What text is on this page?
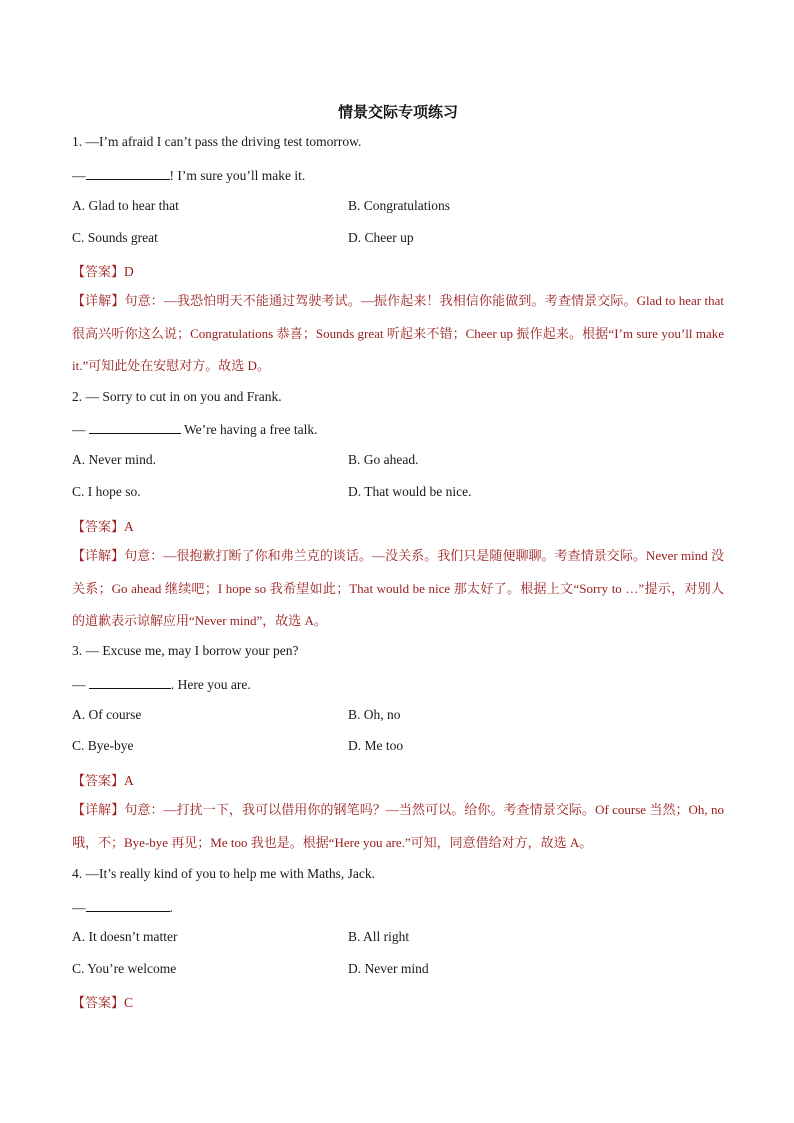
情景交际专项练习
1. —I’m afraid I can’t pass the driving test tomorrow.
—	! I’m sure you’ll make it.
A. Glad to hear that	B. Congratulations
C. Sounds great	D. Cheer up
【答案】D
【详解】句意：—我恐怕明天不能通过驾驶考试。—振作起来！我相信你能做到。考查情景交际。Glad to hear that 很高兴听你这么说；Congratulations 恭喜；Sounds great 听起来不错；Cheer up 振作起来。根据“I’m sure you’ll make it.”可知此处在安慰对方。故选 D。
2. — Sorry to cut in on you and Frank.
—	We’re having a free talk.
A. Never mind.	B. Go ahead.
C. I hope so.	D. That would be nice.
【答案】A
【详解】句意：—很抱歉打断了你和弗兰克的谈话。—没关系。我们只是随便聊聊。考查情景交际。Never mind 没关系；Go ahead 继续吧；I hope so 我希望如此；That would be nice 那太好了。根据上文“Sorry to …”提示，对别人的道歉表示谅解应用“Never mind”，故选 A。
3. — Excuse me, may I borrow your pen?
—	. Here you are.
A. Of course	B. Oh, no
C. Bye-bye	D. Me too
【答案】A
【详解】句意：—打扰一下，我可以借用你的钢笔吗？—当然可以。给你。考查情景交际。Of course 当然；Oh, no 哦，不；Bye-bye 再见；Me too 我也是。根据“Here you are.”可知，同意借给对方，故选 A。
4. —It’s really kind of you to help me with Maths, Jack.
—	.
A. It doesn’t matter	B. All right
C. You’re welcome	D. Never mind
【答案】C
